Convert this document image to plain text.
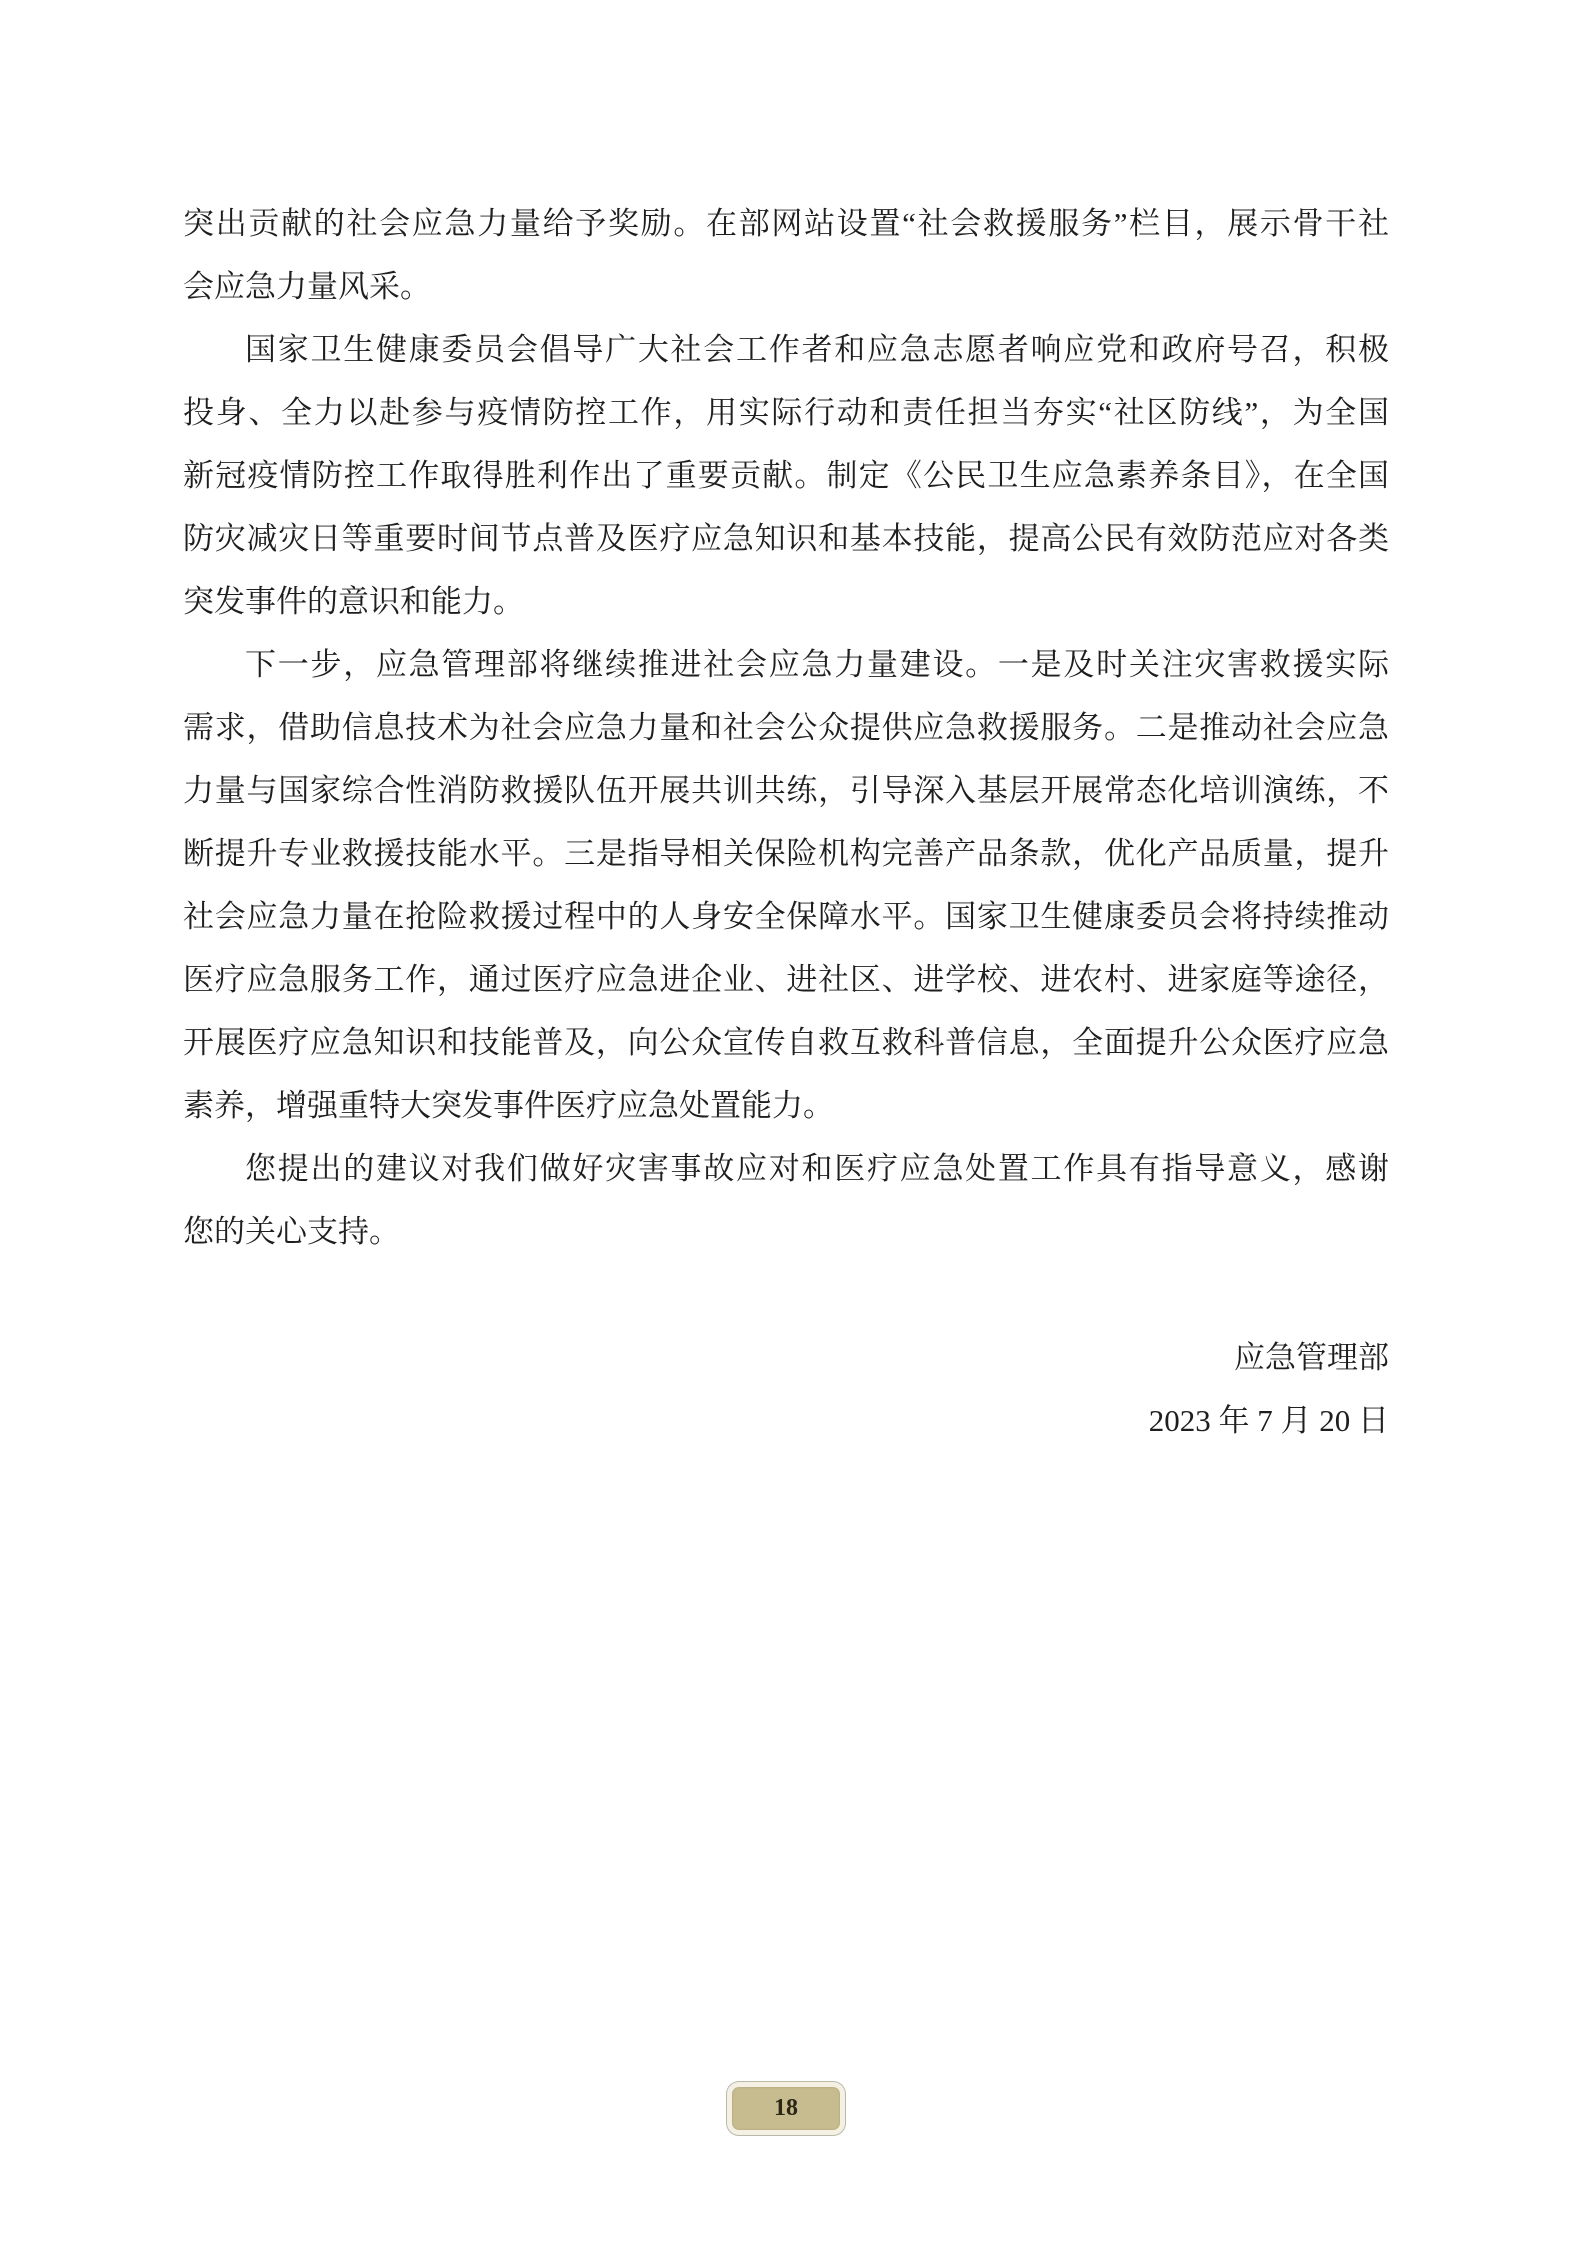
突出贡献的社会应急力量给予奖励。在部网站设置“社会救援服务”栏目，展示骨干社
会应急力量风采。
国家卫生健康委员会倡导广大社会工作者和应急志愿者响应党和政府号召，积极
投身、全力以赴参与疫情防控工作，用实际行动和责任担当夯实“社区防线”，为全国
新冠疫情防控工作取得胜利作出了重要贡献。制定《公民卫生应急素养条目》，在全国
防灾减灾日等重要时间节点普及医疗应急知识和基本技能，提高公民有效防范应对各类
突发事件的意识和能力。
下一步，应急管理部将继续推进社会应急力量建设。一是及时关注灾害救援实际
需求，借助信息技术为社会应急力量和社会公众提供应急救援服务。二是推动社会应急
力量与国家综合性消防救援队伍开展共训共练，引导深入基层开展常态化培训演练，不
断提升专业救援技能水平。三是指导相关保险机构完善产品条款，优化产品质量，提升
社会应急力量在抢险救援过程中的人身安全保障水平。国家卫生健康委员会将持续推动
医疗应急服务工作，通过医疗应急进企业、进社区、进学校、进农村、进家庭等途径，
开展医疗应急知识和技能普及，向公众宣传自救互救科普信息，全面提升公众医疗应急
素养，增强重特大突发事件医疗应急处置能力。
您提出的建议对我们做好灾害事故应对和医疗应急处置工作具有指导意义，感谢
您的关心支持。
应急管理部
2023 年 7 月 20 日
18
